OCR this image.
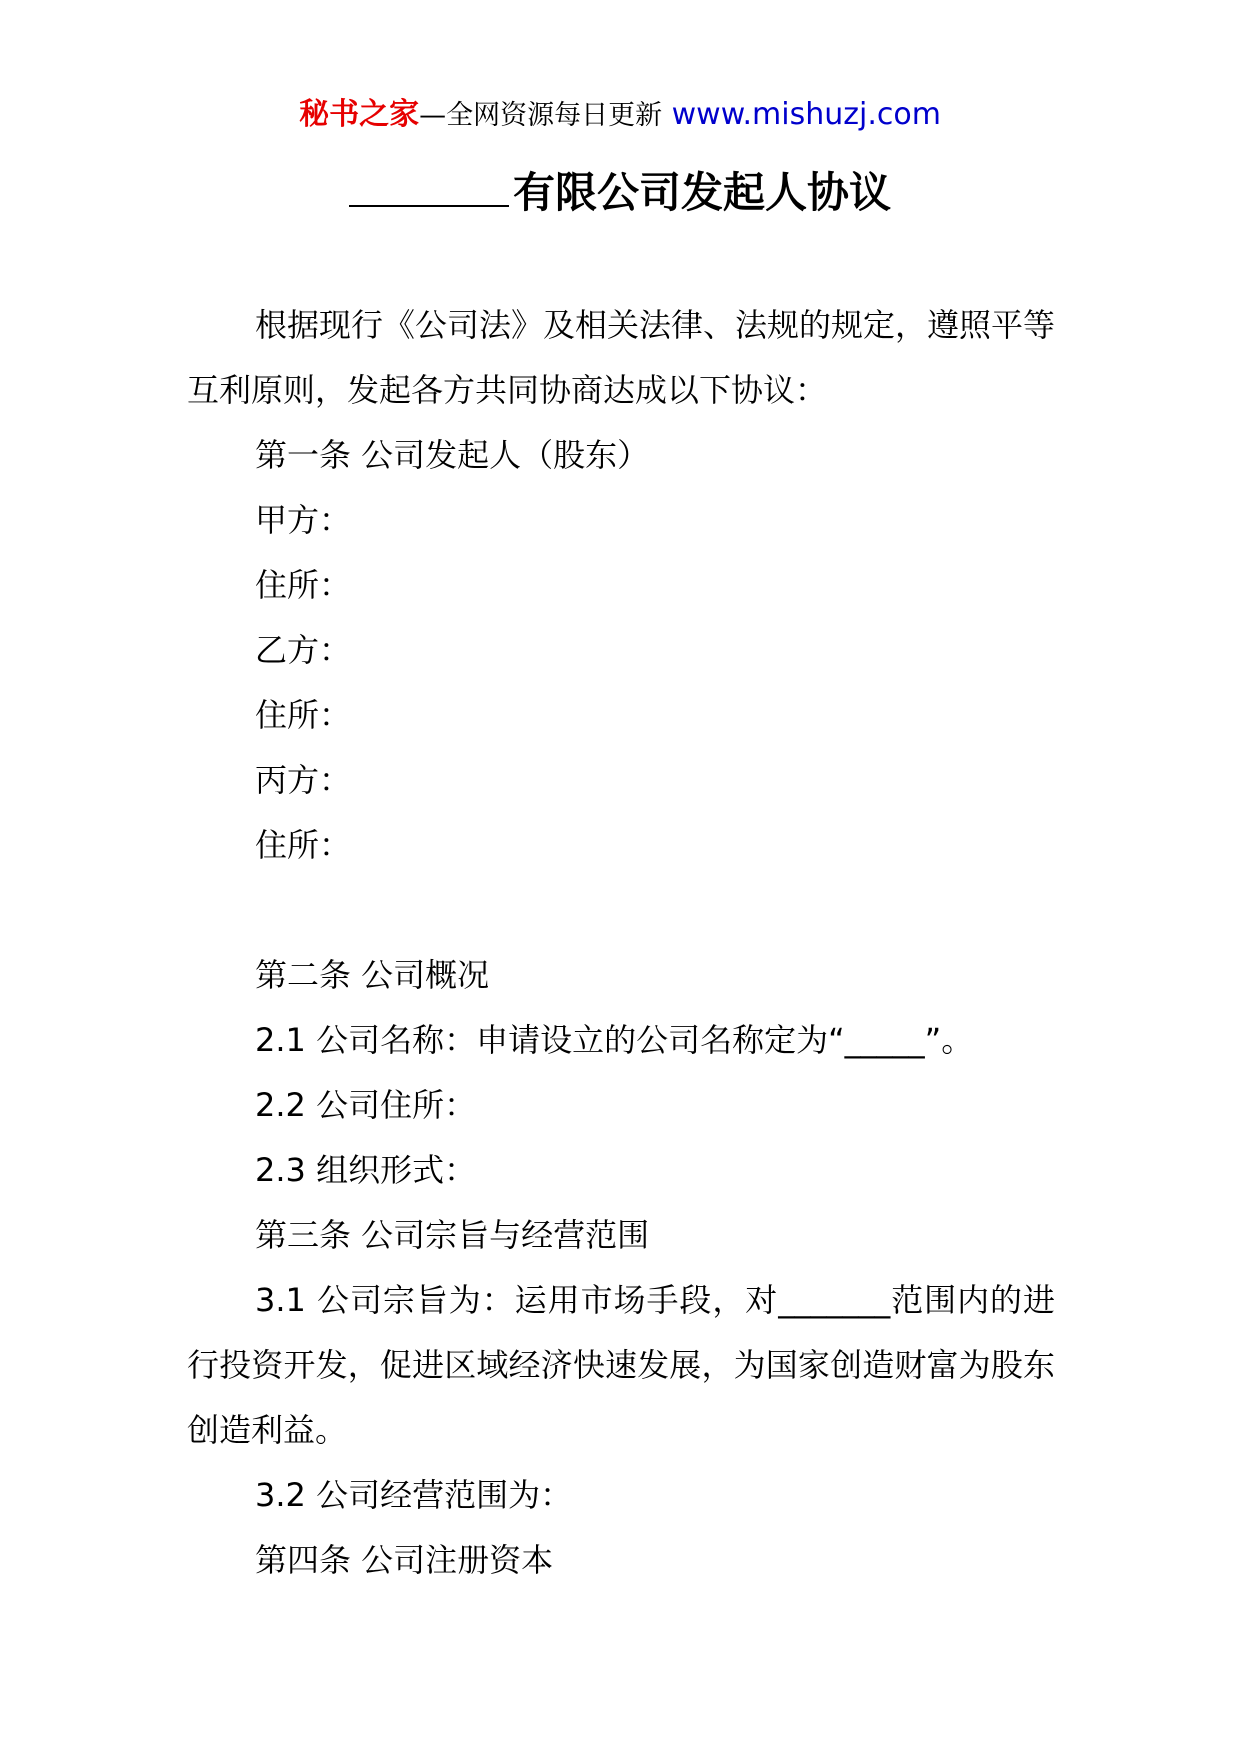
秘书之家—全网资源每日更新 www.mishuzj.com
有限公司发起人协议

根据现行《公司法》及相关法律、法规的规定，遵照平等互利原则，发起各方共同协商达成以下协议：

第一条 公司发起人（股东）

甲方：

住所：

乙方：

住所：

丙方：

住所：

第二条 公司概况

2.1 公司名称：申请设立的公司名称定为“_____”。

2.2 公司住所：

2.3 组织形式：

第三条 公司宗旨与经营范围

3.1 公司宗旨为：运用市场手段，对_______范围内的进行投资开发，促进区域经济快速发展，为国家创造财富为股东创造利益。

3.2 公司经营范围为：

第四条 公司注册资本
